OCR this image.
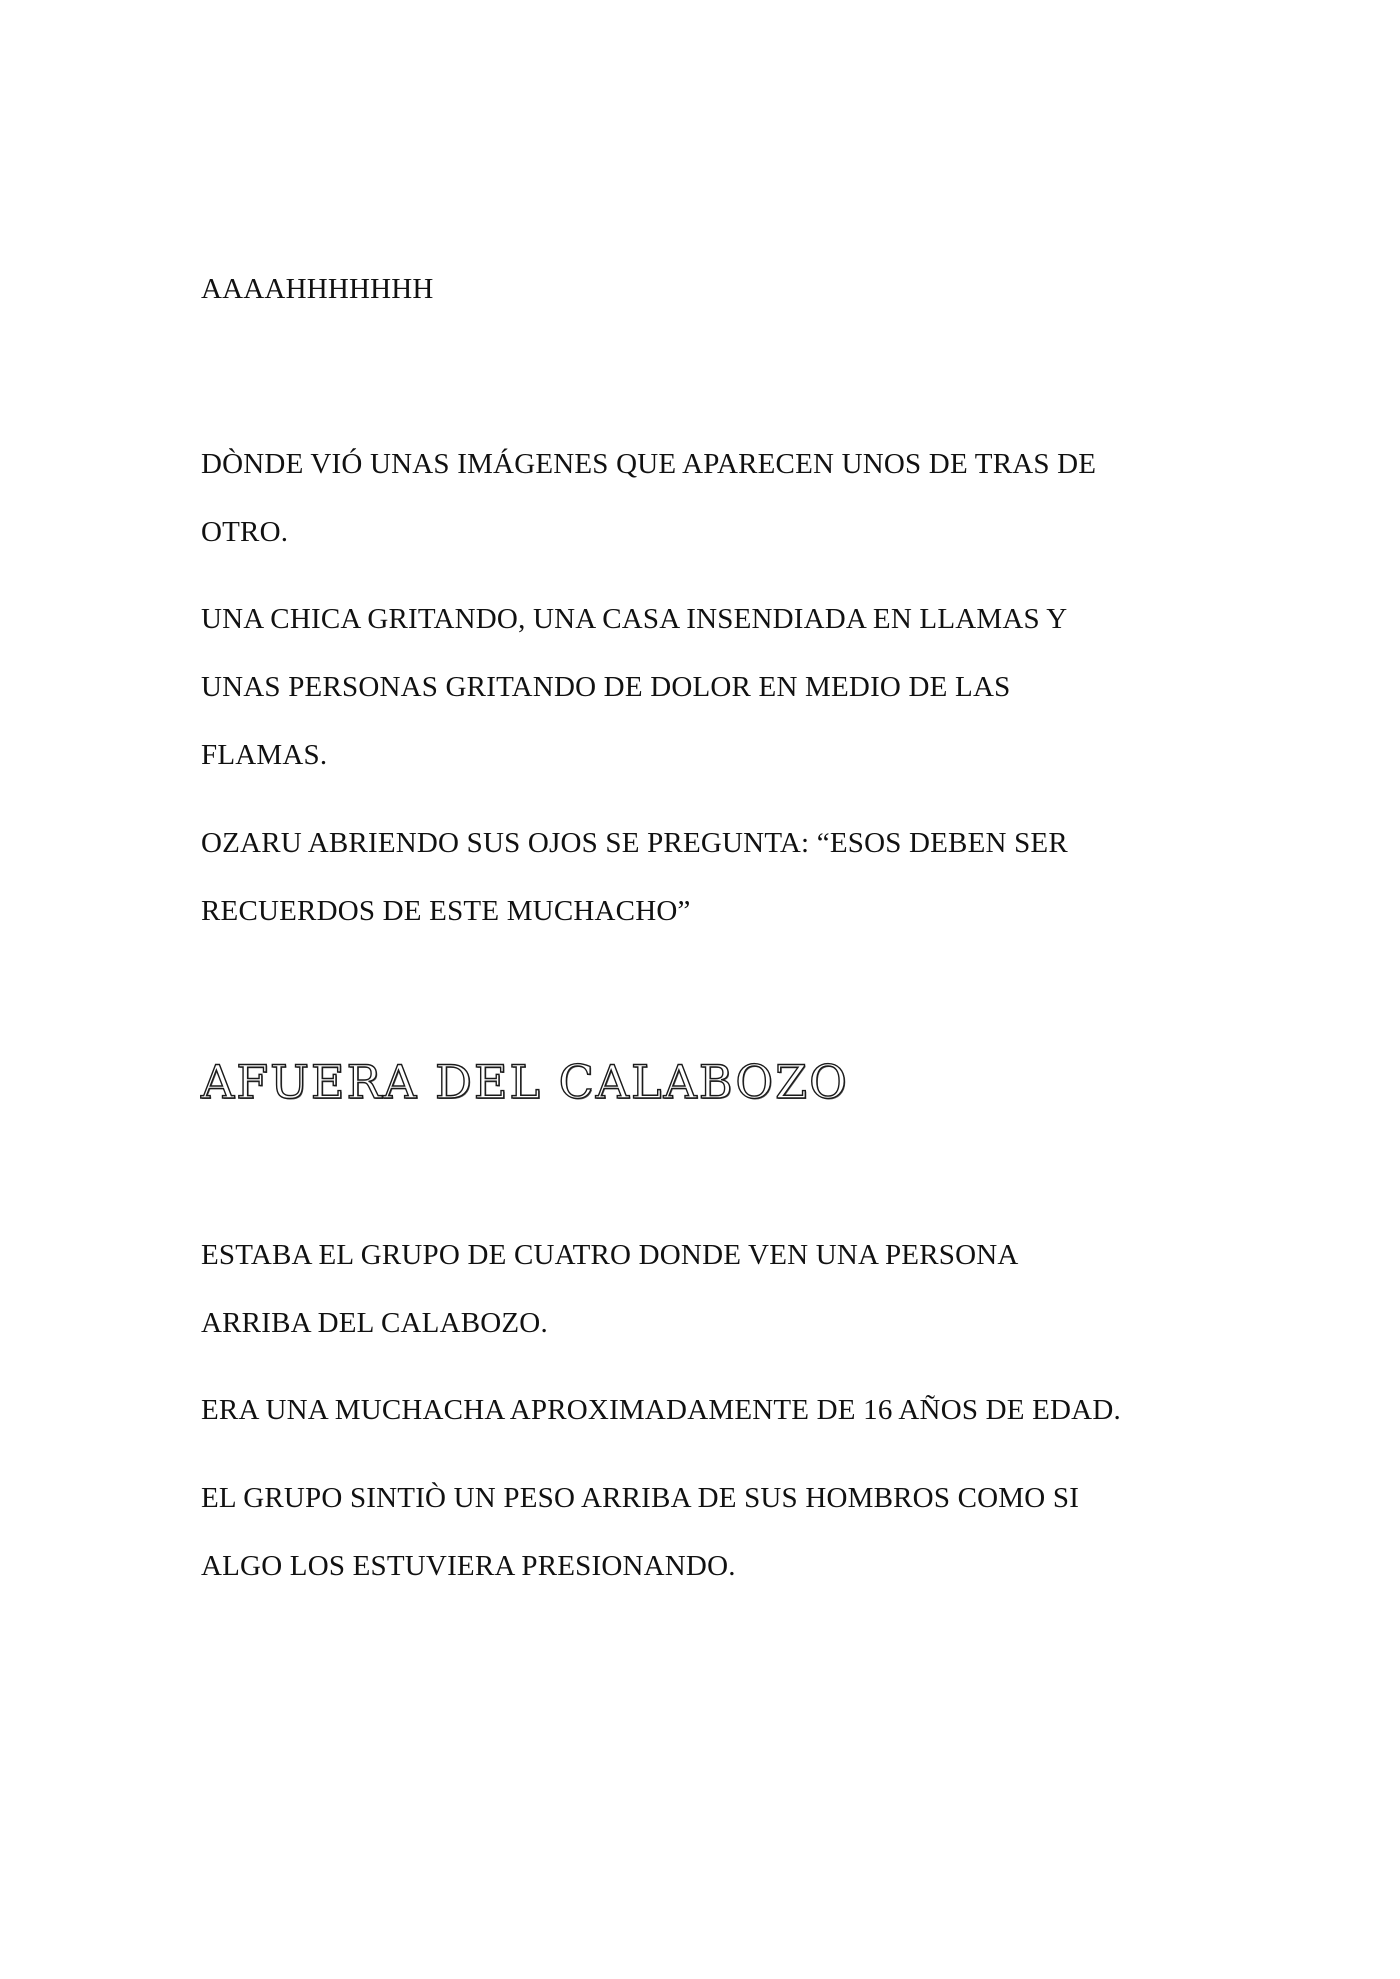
AAAAHHHHHHH

DÒNDE VIÓ UNAS IMÁGENES QUE APARECEN UNOS DE TRAS DE
OTRO.

UNA CHICA GRITANDO, UNA CASA INSENDIADA EN LLAMAS Y
UNAS PERSONAS GRITANDO DE DOLOR EN MEDIO DE LAS
FLAMAS.

OZARU ABRIENDO SUS OJOS SE PREGUNTA: “ESOS DEBEN SER
RECUERDOS DE ESTE MUCHACHO”

AFUERA DEL CALABOZO

ESTABA EL GRUPO DE CUATRO DONDE VEN UNA PERSONA
ARRIBA DEL CALABOZO.

ERA UNA MUCHACHA APROXIMADAMENTE DE 16 AÑOS DE EDAD.

EL GRUPO SINTIÒ UN PESO ARRIBA DE SUS HOMBROS COMO SI
ALGO LOS ESTUVIERA PRESIONANDO.
